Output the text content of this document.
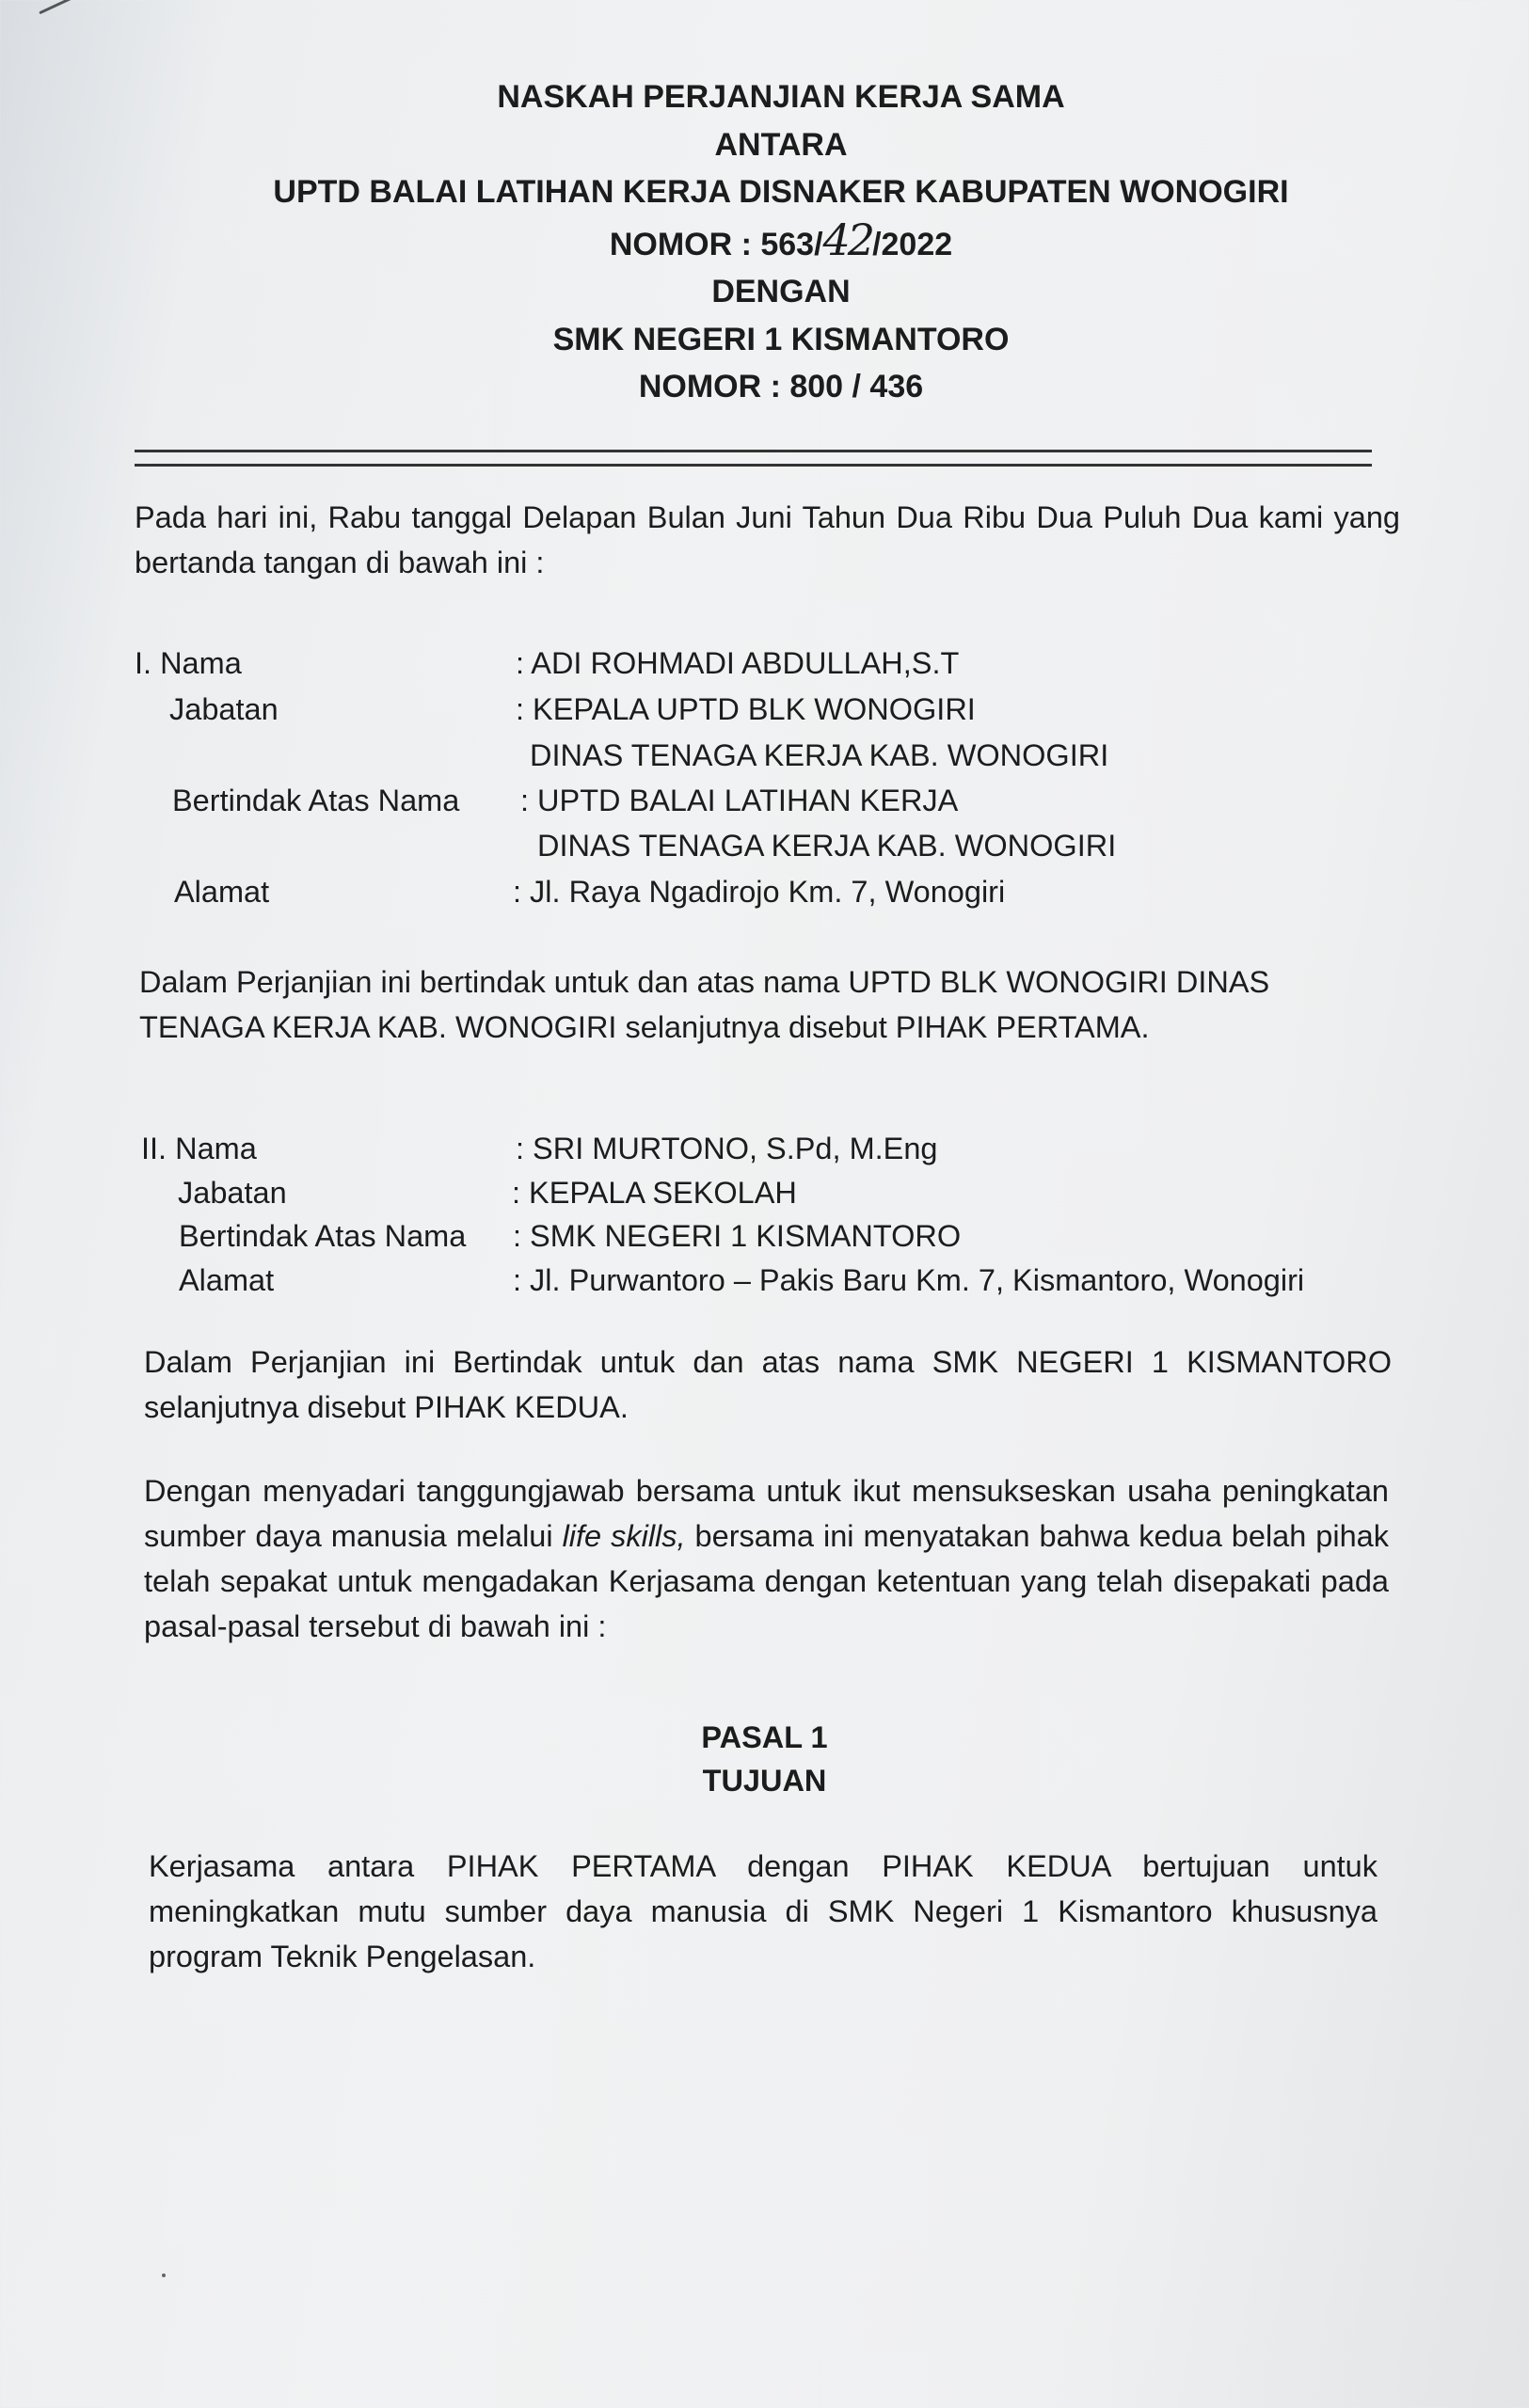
NASKAH PERJANJIAN KERJA SAMA
ANTARA
UPTD BALAI LATIHAN KERJA DISNAKER KABUPATEN WONOGIRI
NOMOR : 563/42/2022
DENGAN
SMK NEGERI 1 KISMANTORO
NOMOR : 800 / 436
Pada hari ini, Rabu tanggal Delapan Bulan Juni Tahun Dua Ribu Dua Puluh Dua kami yang bertanda tangan di bawah ini :
I. Nama	: ADI ROHMADI ABDULLAH,S.T
Jabatan	: KEPALA UPTD BLK WONOGIRI
DINAS TENAGA KERJA KAB. WONOGIRI
Bertindak Atas Nama : UPTD BALAI LATIHAN KERJA
DINAS TENAGA KERJA KAB. WONOGIRI
Alamat	: Jl. Raya Ngadirojo Km. 7, Wonogiri
Dalam Perjanjian ini bertindak untuk dan atas nama UPTD BLK WONOGIRI DINAS TENAGA KERJA KAB. WONOGIRI selanjutnya disebut PIHAK PERTAMA.
II. Nama	: SRI MURTONO, S.Pd, M.Eng
Jabatan	: KEPALA SEKOLAH
Bertindak Atas Nama : SMK NEGERI 1 KISMANTORO
Alamat	: Jl. Purwantoro – Pakis Baru Km. 7, Kismantoro, Wonogiri
Dalam Perjanjian ini Bertindak untuk dan atas nama SMK NEGERI 1 KISMANTORO selanjutnya disebut PIHAK KEDUA.
Dengan menyadari tanggungjawab bersama untuk ikut mensukseskan usaha peningkatan sumber daya manusia melalui life skills, bersama ini menyatakan bahwa kedua belah pihak telah sepakat untuk mengadakan Kerjasama dengan ketentuan yang telah disepakati pada pasal-pasal tersebut di bawah ini :
PASAL 1
TUJUAN
Kerjasama antara PIHAK PERTAMA dengan PIHAK KEDUA bertujuan untuk meningkatkan mutu sumber daya manusia di SMK Negeri 1 Kismantoro khususnya program Teknik Pengelasan.
